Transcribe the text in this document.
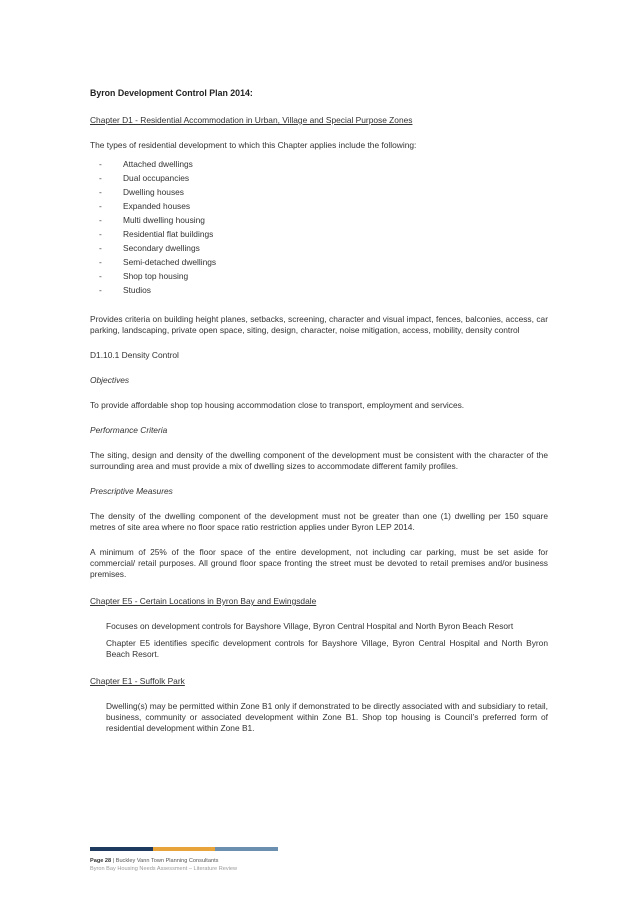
Byron Development Control Plan 2014:

Chapter D1 - Residential Accommodation in Urban, Village and Special Purpose Zones

The types of residential development to which this Chapter applies include the following:

- Attached dwellings
- Dual occupancies
- Dwelling houses
- Expanded houses
- Multi dwelling housing
- Residential flat buildings
- Secondary dwellings
- Semi-detached dwellings
- Shop top housing
- Studios

Provides criteria on building height planes, setbacks, screening, character and visual impact, fences, balconies, access, car parking, landscaping, private open space, siting, design, character, noise mitigation, access, mobility, density control

D1.10.1 Density Control

Objectives

To provide affordable shop top housing accommodation close to transport, employment and services.

Performance Criteria

The siting, design and density of the dwelling component of the development must be consistent with the character of the surrounding area and must provide a mix of dwelling sizes to accommodate different family profiles.

Prescriptive Measures

The density of the dwelling component of the development must not be greater than one (1) dwelling per 150 square metres of site area where no floor space ratio restriction applies under Byron LEP 2014.

A minimum of 25% of the floor space of the entire development, not including car parking, must be set aside for commercial/ retail purposes. All ground floor space fronting the street must be devoted to retail premises and/or business premises.

Chapter E5 - Certain Locations in Byron Bay and Ewingsdale

Focuses on development controls for Bayshore Village, Byron Central Hospital and North Byron Beach Resort

Chapter E5 identifies specific development controls for Bayshore Village, Byron Central Hospital and North Byron Beach Resort.

Chapter E1 - Suffolk Park

Dwelling(s) may be permitted within Zone B1 only if demonstrated to be directly associated with and subsidiary to retail, business, community or associated development within Zone B1. Shop top housing is Council’s preferred form of residential development within Zone B1.

Page 28 | Buckley Vann Town Planning Consultants
Byron Bay Housing Needs Assessment – Literature Review
